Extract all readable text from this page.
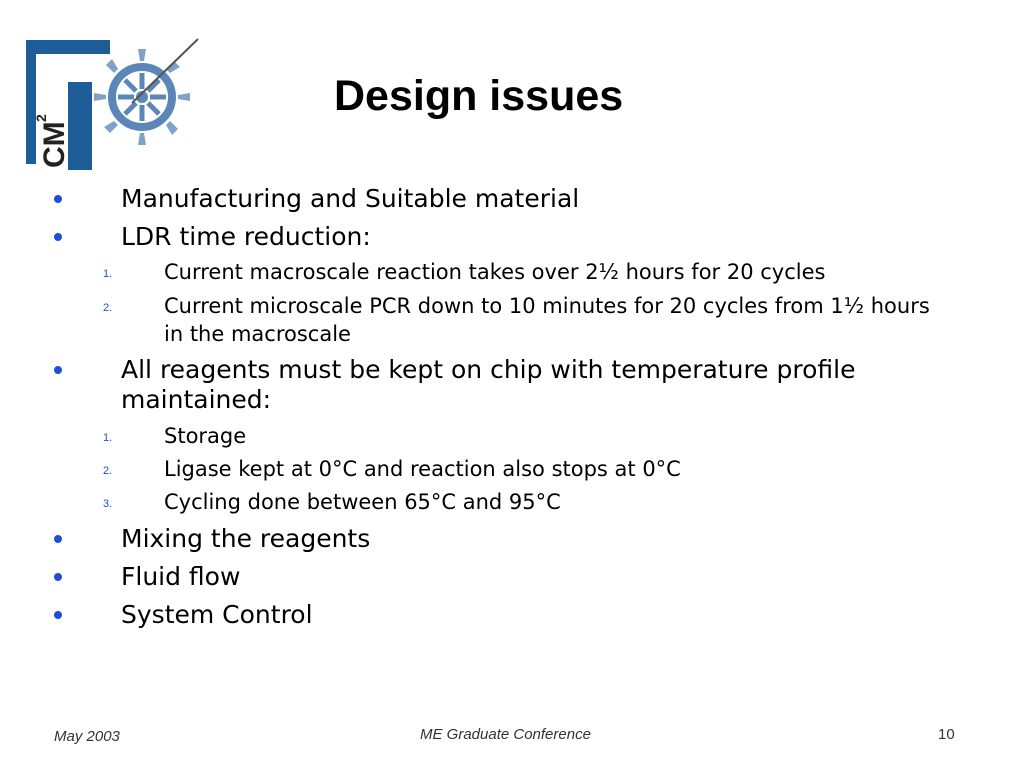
CM
2	Design issues
Manufacturing and Suitable material
LDR time reduction:
1. Current macroscale reaction takes over 2½ hours for 20 cycles
2. Current microscale PCR down to 10 minutes for 20 cycles from 1½ hours in the macroscale
All reagents must be kept on chip with temperature profile maintained:
1. Storage
2. Ligase kept at 0°C and reaction also stops at 0°C
3. Cycling done between 65°C and 95°C
Mixing the reagents
Fluid flow
System Control
May 2003	ME Graduate Conference	10
